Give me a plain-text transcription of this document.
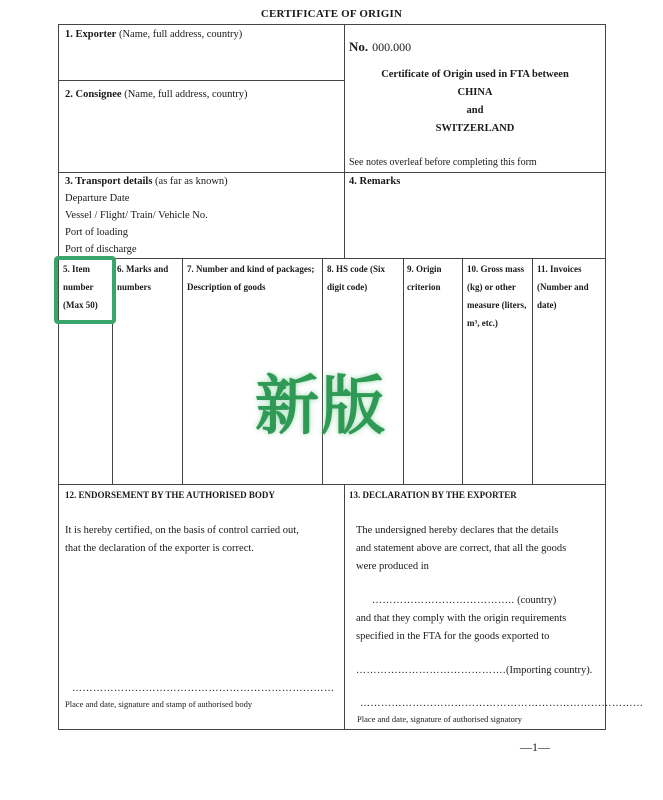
CERTIFICATE OF ORIGIN
1. Exporter (Name, full address, country)
2. Consignee (Name, full address, country)
No. 000.000
Certificate of Origin used in FTA between
CHINA
and
SWITZERLAND
See notes overleaf before completing this form
3. Transport details (as far as known)
Departure Date
Vessel / Flight/ Train/ Vehicle No.
Port of loading
Port of discharge
4. Remarks
5. Item number (Max 50)
6. Marks and numbers
7. Number and kind of packages; Description of goods
8. HS code (Six digit code)
9. Origin criterion
10. Gross mass (kg) or other measure (liters, m³, etc.)
11. Invoices (Number and date)
新版
12. ENDORSEMENT BY THE AUTHORISED BODY
It is hereby certified, on the basis of control carried out,
that the declaration of the exporter is correct.
…………………………………………………………………
Place and date, signature and stamp of authorised body
13. DECLARATION BY THE EXPORTER
The undersigned hereby declares that the details
and statement above are correct, that all the goods
were produced in
………………………………….. (country)
and that they comply with the origin requirements
specified in the FTA for the goods exported to
…………………………………….(Importing country).
………………………………………………………………………
Place and date, signature of authorised signatory
—1—
